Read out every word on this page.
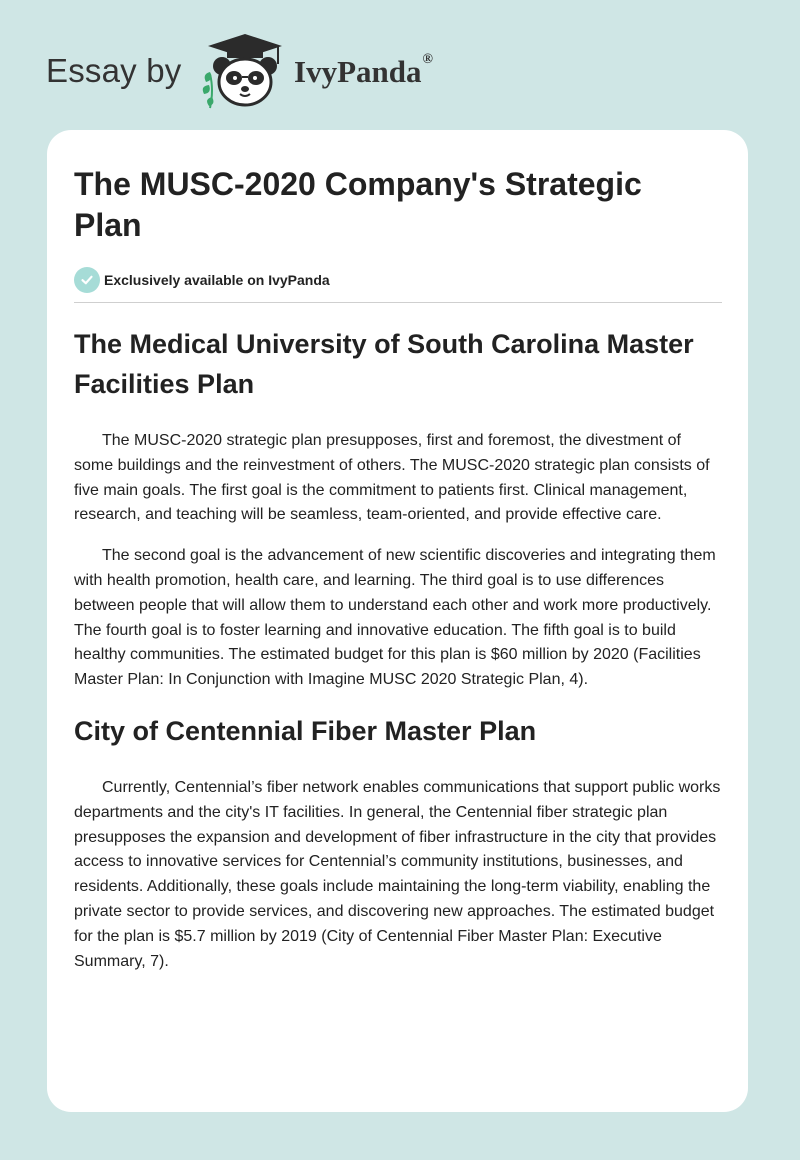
Essay by	IvyPanda®
The MUSC-2020 Company's Strategic Plan
Exclusively available on IvyPanda
The Medical University of South Carolina Master Facilities Plan

The MUSC-2020 strategic plan presupposes, first and foremost, the divestment of some buildings and the reinvestment of others. The MUSC-2020 strategic plan consists of five main goals. The first goal is the commitment to patients first. Clinical management, research, and teaching will be seamless, team-oriented, and provide effective care.

The second goal is the advancement of new scientific discoveries and integrating them with health promotion, health care, and learning. The third goal is to use differences between people that will allow them to understand each other and work more productively. The fourth goal is to foster learning and innovative education. The fifth goal is to build healthy communities. The estimated budget for this plan is $60 million by 2020 (Facilities Master Plan: In Conjunction with Imagine MUSC 2020 Strategic Plan, 4).

City of Centennial Fiber Master Plan

Currently, Centennial’s fiber network enables communications that support public works departments and the city's IT facilities. In general, the Centennial fiber strategic plan presupposes the expansion and development of fiber infrastructure in the city that provides access to innovative services for Centennial’s community institutions, businesses, and residents. Additionally, these goals include maintaining the long-term viability, enabling the private sector to provide services, and discovering new approaches. The estimated budget for the plan is $5.7 million by 2019 (City of Centennial Fiber Master Plan: Executive Summary, 7).
